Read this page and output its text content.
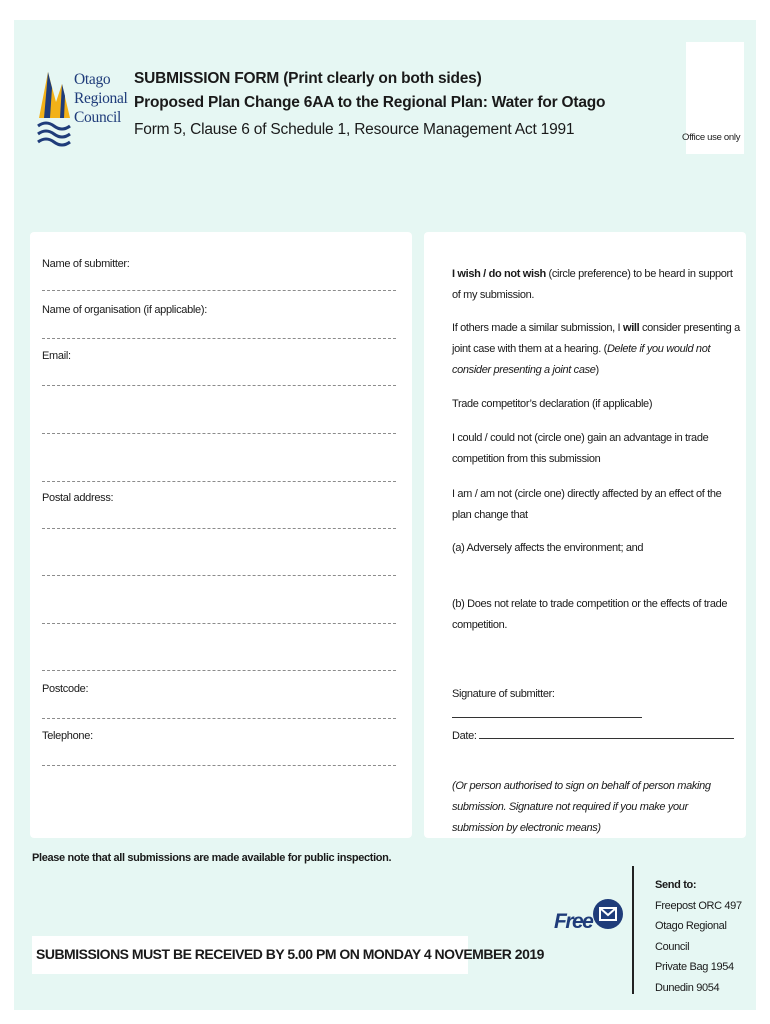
Otago
Regional
Council
SUBMISSION FORM (Print clearly on both sides)
Proposed Plan Change 6AA to the Regional Plan: Water for Otago
Form 5, Clause 6 of Schedule 1, Resource Management Act 1991	Office use only
Name of submitter:
Name of organisation (if applicable):
Email:
Postal address:
Postcode:
Telephone:
I wish / do not wish (circle preference) to be heard in support of my submission.
If others made a similar submission, I will consider presenting a joint case with them at a hearing. (Delete if you would not consider presenting a joint case)
Trade competitor’s declaration (if applicable)
I could / could not (circle one) gain an advantage in trade competition from this submission
I am / am not (circle one) directly affected by an effect of the plan change that
(a) Adversely affects the environment; and
(b) Does not relate to trade competition or the effects of trade competition.
Signature of submitter:
Date:
(Or person authorised to sign on behalf of person making submission. Signature not required if you make your submission by electronic means)
Please note that all submissions are made available for public inspection.
SUBMISSIONS MUST BE RECEIVED BY 5.00 PM ON MONDAY 4 NOVEMBER 2019
Free
Send to:
Freepost ORC 497
Otago Regional
Council
Private Bag 1954
Dunedin 9054
